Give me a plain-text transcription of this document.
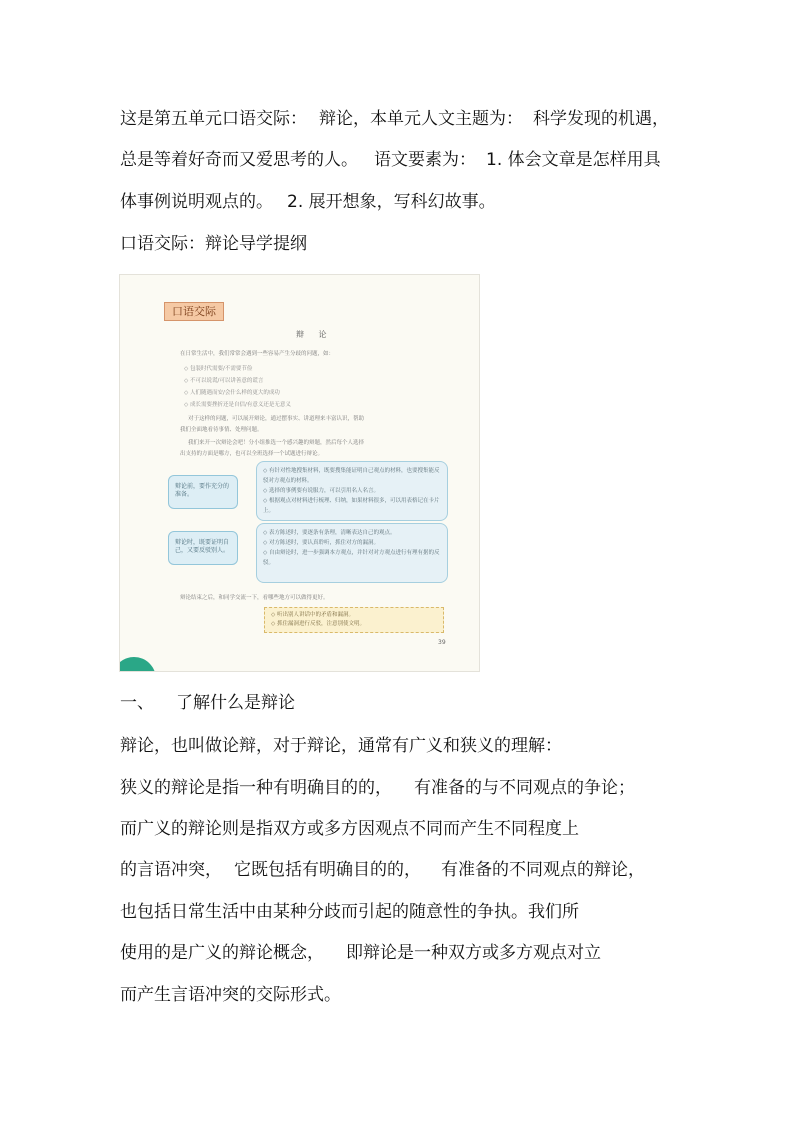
这是第五单元口语交际： 辩论，本单元人文主题为： 科学发现的机遇，

总是等着好奇而又爱思考的人。 语文要素为： 1. 体会文章是怎样用具

体事例说明观点的。 2. 展开想象，写科幻故事。

口语交际：辩论导学提纲

口语交际
辩 论
在日常生活中，我们常常会遇到一些容易产生分歧的问题，如：
◇ 包装时代需要/不需要节俭
◇ 不可以说谎/可以讲善意的谎言
◇ 人们随遇而安/会什么样的更大的成功
◇ 成长需要挫折还是自信/有意义还是无意义
对于这样的问题，可以展开辩论，通过摆事实、讲道理来丰富认识，帮助
我们全面地看待事情、处理问题。
我们来开一次辩论会吧！分小组推选一个感兴趣的辩题，然后每个人选择
出支持的方面是哪方，也可以全班选择一个试题进行辩论。
辩论前，要作充分的准备。
◇ 有针对性地搜集材料，既要搜集能证明自己观点的材料，也要搜集能反驳对方观点的材料。
◇ 选择的事例要有说服力，可以引用名人名言。
◇ 根据观点对材料进行梳理、归纳，如果材料很多，可以用表格记在卡片上。
辩论时，既要证明自己，又要反驳别人。
◇ 表方陈述时，要逐条有条理，清晰表达自己的观点。
◇ 对方陈述时，要认真聆听，抓住对方的漏洞。
◇ 自由辩论时，进一步强调本方观点，并针对对方观点进行有理有据的反驳。
辩论结束之后，和同学交流一下，看哪些地方可以做得更好。
◇ 听出别人讲话中的矛盾和漏洞。
◇ 抓住漏洞进行反驳，注意别使文明。
39

一、 了解什么是辩论

辩论，也叫做论辩，对于辩论，通常有广义和狭义的理解：

狭义的辩论是指一种有明确目的的， 有准备的与不同观点的争论；

而广义的辩论则是指双方或多方因观点不同而产生不同程度上

的言语冲突， 它既包括有明确目的的， 有准备的不同观点的辩论，

也包括日常生活中由某种分歧而引起的随意性的争执。我们所

使用的是广义的辩论概念， 即辩论是一种双方或多方观点对立

而产生言语冲突的交际形式。
